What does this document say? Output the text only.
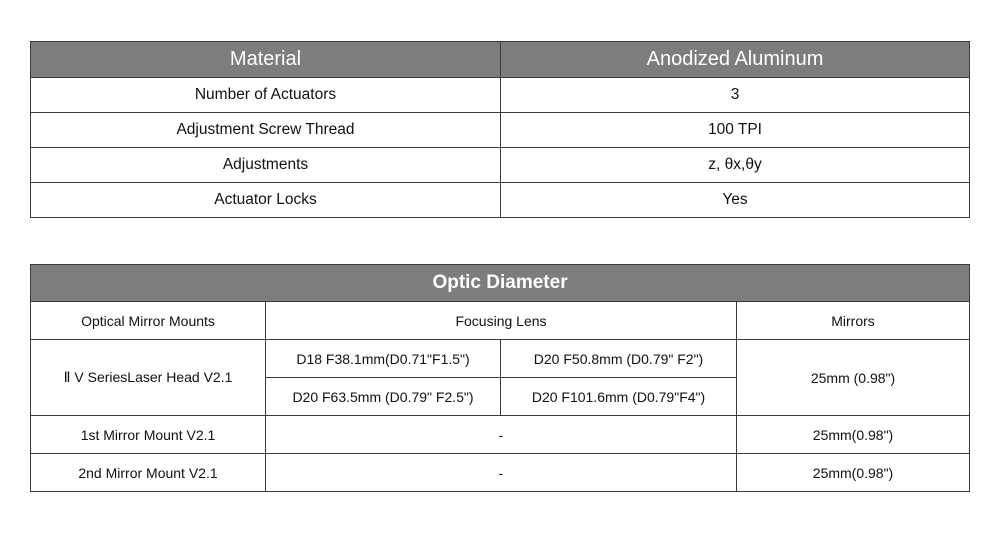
Material	Anodized Aluminum
Number of Actuators	3
Adjustment Screw Thread	100 TPI
Adjustments	z, θx,θy
Actuator Locks	Yes
Optic Diameter			
Optical Mirror Mounts	Focusing Lens		Mirrors
Ⅱ V SeriesLaser Head V2.1	D18 F38.1mm(D0.71"F1.5")	D20 F50.8mm (D0.79" F2")	25mm (0.98")
	D20 F63.5mm (D0.79" F2.5")	D20 F101.6mm (D0.79"F4")	
1st Mirror Mount V2.1	-		25mm(0.98")
2nd Mirror Mount V2.1	-		25mm(0.98")
